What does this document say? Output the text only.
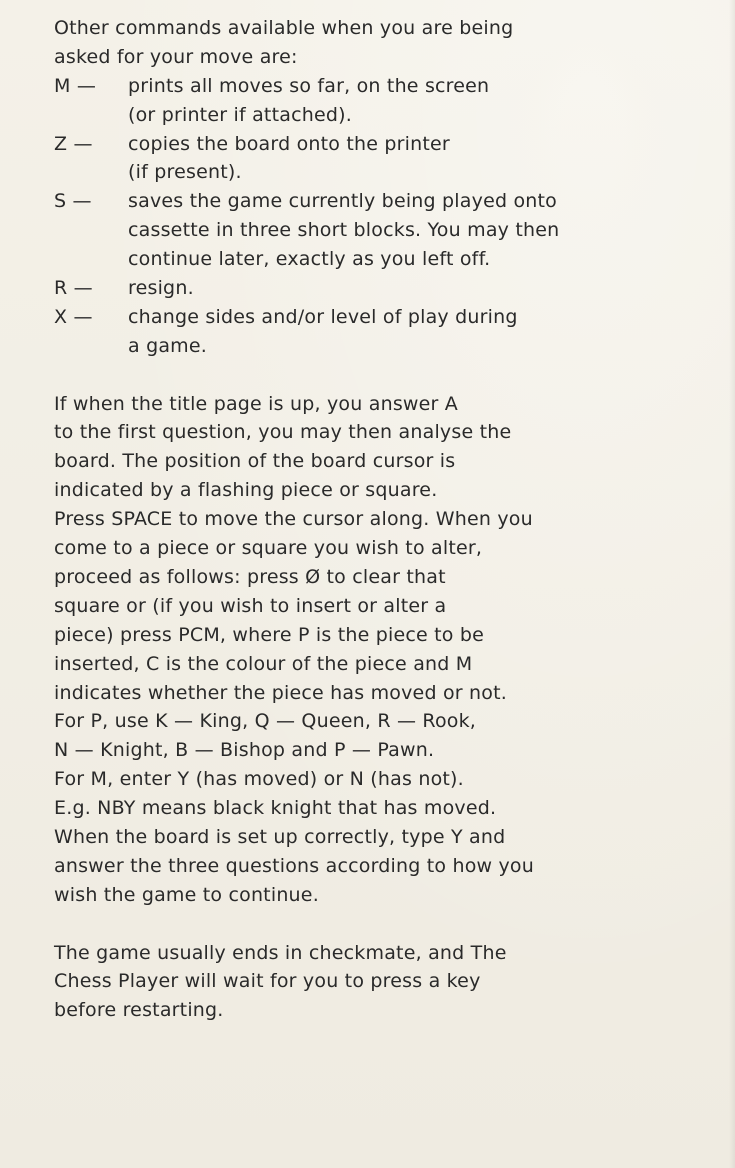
Other commands available when you are being
asked for your move are:
M —	prints all moves so far, on the screen
(or printer if attached).
Z —	copies the board onto the printer
(if present).
S —	saves the game currently being played onto
cassette in three short blocks. You may then
continue later, exactly as you left off.
R —	resign.
X —	change sides and/or level of play during
a game.
If when the title page is up, you answer A
to the first question, you may then analyse the
board. The position of the board cursor is
indicated by a flashing piece or square.
Press SPACE to move the cursor along. When you
come to a piece or square you wish to alter,
proceed as follows: press Ø to clear that
square or (if you wish to insert or alter a
piece) press PCM, where P is the piece to be
inserted, C is the colour of the piece and M
indicates whether the piece has moved or not.
For P, use K — King, Q — Queen, R — Rook,
N — Knight, B — Bishop and P — Pawn.
For M, enter Y (has moved) or N (has not).
E.g. NBY means black knight that has moved.
When the board is set up correctly, type Y and
answer the three questions according to how you
wish the game to continue.
The game usually ends in checkmate, and The
Chess Player will wait for you to press a key
before restarting.
